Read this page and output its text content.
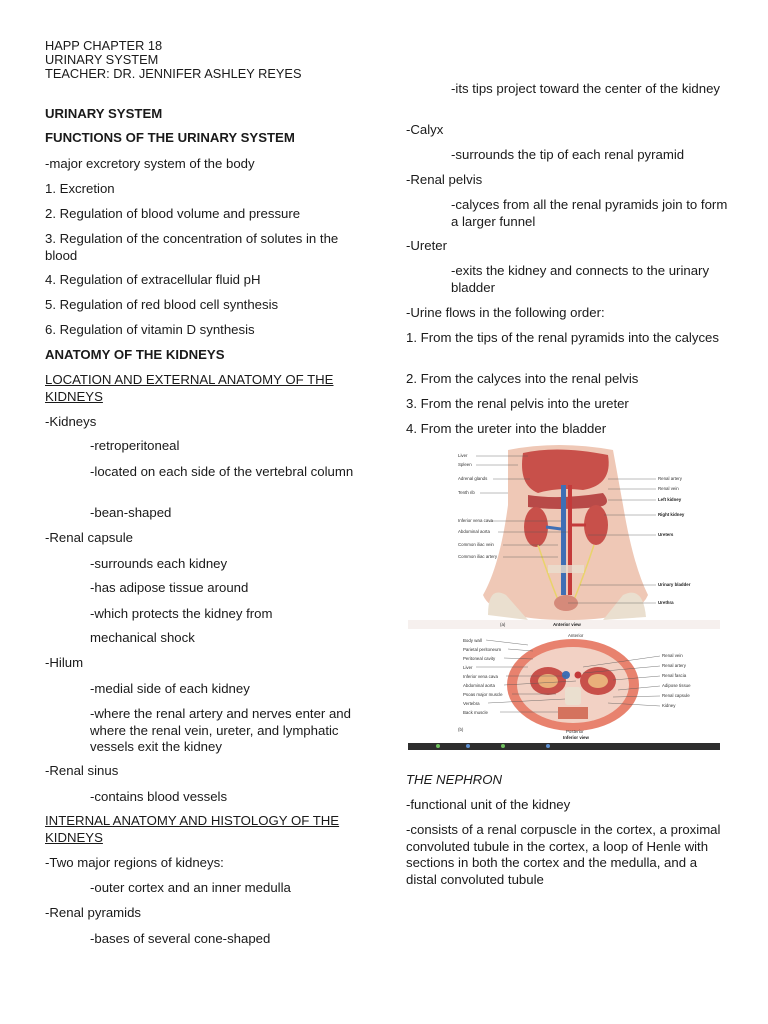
HAPP CHAPTER 18

URINARY SYSTEM

TEACHER: DR. JENNIFER ASHLEY REYES

URINARY SYSTEM

FUNCTIONS OF THE URINARY SYSTEM

-major excretory system of the body

1. Excretion

2. Regulation of blood volume and pressure

3. Regulation of the concentration of solutes in the blood

4. Regulation of extracellular fluid pH

5. Regulation of red blood cell synthesis

6. Regulation of vitamin D synthesis

ANATOMY OF THE KIDNEYS

LOCATION AND EXTERNAL ANATOMY OF THE KIDNEYS

-Kidneys

-retroperitoneal

-located on each side of the vertebral column

-bean-shaped

-Renal capsule

-surrounds each kidney

-has adipose tissue around

-which protects the kidney from

mechanical shock

-Hilum

-medial side of each kidney

-where the renal artery and nerves enter and where the renal vein, ureter, and lymphatic vessels exit the kidney

-Renal sinus

-contains blood vessels

INTERNAL ANATOMY AND HISTOLOGY OF THE KIDNEYS

-Two major regions of kidneys:

-outer cortex and an inner medulla

-Renal pyramids

-bases of several cone-shaped

-its tips project toward the center of the kidney

-Calyx

-surrounds the tip of each renal pyramid

-Renal pelvis

-calyces from all the renal pyramids join to form a larger funnel

-Ureter

-exits the kidney and connects to the urinary bladder

-Urine flows in the following order:

1. From the tips of the renal pyramids into the calyces

2. From the calyces into the renal pelvis

3. From the renal pelvis into the ureter

4. From the ureter into the bladder

THE NEPHRON

-functional unit of the kidney

-consists of a renal corpuscle in the cortex, a proximal convoluted tubule in the cortex, a loop of Henle with sections in both the cortex and the medulla, and a distal convoluted tubule

Liver
Spleen
Adrenal glands
Tenth rib
Inferior vena cava
Abdominal aorta
Common iliac vein
Common iliac artery
Renal artery
Renal vein
Left kidney
Right kidney
Ureters
Urinary bladder
Urethra
(a)	Anterior view
Anterior
Body wall
Parietal peritoneum
Peritoneal cavity
Liver
Inferior vena cava
Abdominal aorta
Psoas major muscle
Vertebra
Back muscle
Renal vein
Renal artery
Renal fascia
Adipose tissue
Renal capsule
Kidney
Posterior
Inferior view
(b)
